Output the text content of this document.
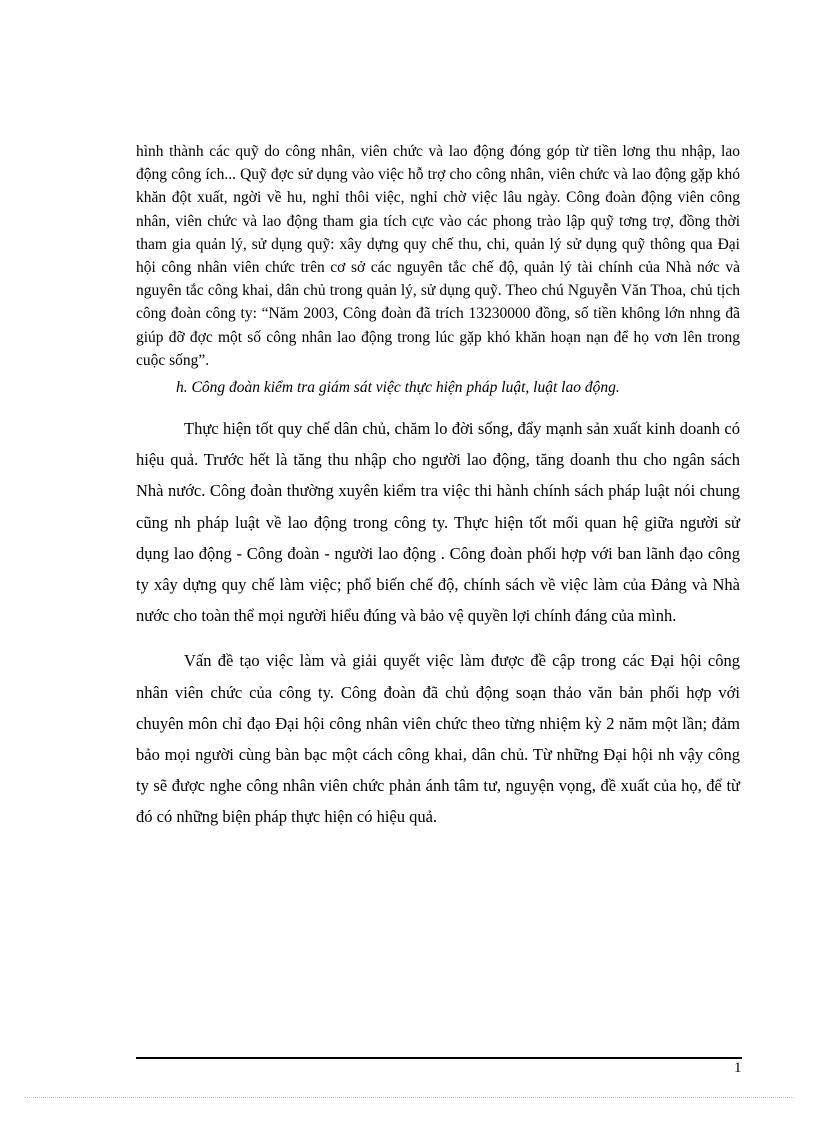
hình thành các quỹ do công nhân, viên chức và lao động đóng góp từ tiền lơng thu nhập, lao động công ích... Quỹ đợc sử dụng vào việc hỗ trợ cho công nhân, viên chức và lao động gặp khó khăn đột xuất, ngời về hu, nghỉ thôi việc, nghỉ chờ việc lâu ngày. Công đoàn động viên công nhân, viên chức và lao động tham gia tích cực vào các phong trào lập quỹ tơng trợ, đồng thời tham gia quản lý, sử dụng quỹ: xây dựng quy chế thu, chi, quản lý sử dụng quỹ thông qua Đại hội công nhân viên chức trên cơ sở các nguyên tắc chế độ, quản lý tài chính của Nhà nớc và nguyên tắc công khai, dân chủ trong quản lý, sử dụng quỹ. Theo chú Nguyễn Văn Thoa, chủ tịch công đoàn công ty: “Năm 2003, Công đoàn đã trích 13230000 đồng, số tiền không lớn nhng đã giúp đỡ đợc một số công nhân lao động trong lúc gặp khó khăn hoạn nạn để họ vơn lên trong cuộc sống”.

h. Công đoàn kiểm tra giám sát việc thực hiện pháp luật, luật lao động.

Thực hiện tốt quy chế dân chủ, chăm lo đời sống, đẩy mạnh sản xuất kinh doanh có hiệu quả. Trước hết là tăng thu nhập cho người lao động, tăng doanh thu cho ngân sách Nhà nước. Công đoàn thường xuyên kiểm tra việc thi hành chính sách pháp luật nói chung cũng nh pháp luật về lao động trong công ty. Thực hiện tốt mối quan hệ giữa người sử dụng lao động - Công đoàn - người lao động . Công đoàn phối hợp với ban lãnh đạo công ty xây dựng quy chế làm việc; phổ biến chế độ, chính sách về việc làm của Đảng và Nhà nước cho toàn thể mọi người hiểu đúng và bảo vệ quyền lợi chính đáng của mình.

Vấn đề tạo việc làm và giải quyết việc làm được đề cập trong các Đại hội công nhân viên chức của công ty. Công đoàn đã chủ động soạn thảo văn bản phối hợp với chuyên môn chỉ đạo Đại hội công nhân viên chức theo từng nhiệm kỳ 2 năm một lần; đảm bảo mọi người cùng bàn bạc một cách công khai, dân chủ. Từ những Đại hội nh vậy công ty sẽ được nghe công nhân viên chức phản ánh tâm tư, nguyện vọng, đề xuất của họ, để từ đó có những biện pháp thực hiện có hiệu quả.

1
